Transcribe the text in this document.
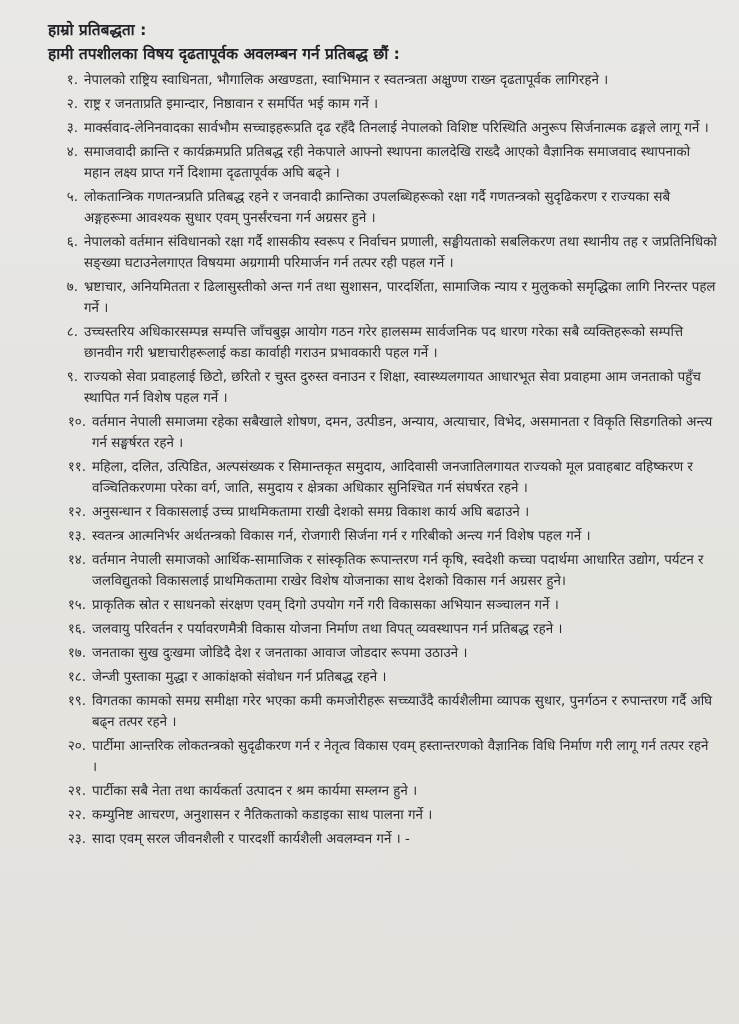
हाम्रो प्रतिबद्धता :
हामी तपशीलका विषय दृढतापूर्वक अवलम्बन गर्न प्रतिबद्ध छौं :
१. नेपालको राष्ट्रिय स्वाधिनता, भौगालिक अखण्डता, स्वाभिमान र स्वतन्त्रता अक्षुण्ण राख्न दृढतापूर्वक लागिरहने ।
२. राष्ट्र र जनताप्रति इमान्दार, निष्ठावान र समर्पित भई काम गर्ने ।
३. मार्क्सवाद-लेनिनवादका सार्वभौम सच्चाइहरूप्रति दृढ रहँदै तिनलाई नेपालको विशिष्ट परिस्थिति अनुरूप सिर्जनात्मक ढङ्गले लागू गर्ने ।
४. समाजवादी क्रान्ति र कार्यक्रमप्रति प्रतिबद्ध रही नेकपाले आफ्नो स्थापना कालदेखि राख्दै आएको वैज्ञानिक समाजवाद स्थापनाको महान लक्ष्य प्राप्त गर्ने दिशामा दृढतापूर्वक अघि बढ्ने ।
५. लोकतान्त्रिक गणतन्त्रप्रति प्रतिबद्ध रहने र जनवादी क्रान्तिका उपलब्धिहरूको रक्षा गर्दै गणतन्त्रको सुदृढिकरण र राज्यका सबै अङ्गहरूमा आवश्यक सुधार एवम् पुनर्संरचना गर्न अग्रसर हुने ।
६. नेपालको वर्तमान संविधानको रक्षा गर्दै शासकीय स्वरूप र निर्वाचन प्रणाली, सङ्घीयताको सबलिकरण तथा स्थानीय तह र जप्रतिनिधिको सङ्ख्या घटाउनेलगाएत विषयमा अग्रगामी परिमार्जन गर्न तत्पर रही पहल गर्ने ।
७. भ्रष्टाचार, अनियमितता र ढिलासुस्तीको अन्त गर्न तथा सुशासन, पारदर्शिता, सामाजिक न्याय र मुलुकको समृद्धिका लागि निरन्तर पहल गर्ने ।
८. उच्चस्तरिय अधिकारसम्पन्न सम्पत्ति जाँचबुझ आयोग गठन गरेर हालसम्म सार्वजनिक पद धारण गरेका सबै व्यक्तिहरूको सम्पत्ति छानवीन गरी भ्रष्टाचारीहरूलाई कडा कार्वाही गराउन प्रभावकारी पहल गर्ने ।
९. राज्यको सेवा प्रवाहलाई छिटो, छरितो र चुस्त दुरुस्त वनाउन र शिक्षा, स्वास्थ्यलगायत आधारभूत सेवा प्रवाहमा आम जनताको पहुँच स्थापित गर्न विशेष पहल गर्ने ।
१०. वर्तमान नेपाली समाजमा रहेका सबैखाले शोषण, दमन, उत्पीडन, अन्याय, अत्याचार, विभेद, असमानता र विकृति सिडगतिको अन्त्य गर्न सङ्घर्षरत रहने ।
११. महिला, दलित, उत्पिडित, अल्पसंख्यक र सिमान्तकृत समुदाय, आदिवासी जनजातिलगायत राज्यको मूल प्रवाहबाट वहिष्करण र वञ्चितिकरणमा परेका वर्ग, जाति, समुदाय र क्षेत्रका अधिकार सुनिश्चित गर्न संघर्षरत रहने ।
१२. अनुसन्धान र विकासलाई उच्च प्राथमिकतामा राखी देशको समग्र विकाश कार्य अघि बढाउने ।
१३. स्वतन्त्र आत्मनिर्भर अर्थतन्त्रको विकास गर्न, रोजगारी सिर्जना गर्न र गरिबीको अन्त्य गर्न विशेष पहल गर्ने ।
१४. वर्तमान नेपाली समाजको आर्थिक-सामाजिक र सांस्कृतिक रूपान्तरण गर्न कृषि, स्वदेशी कच्चा पदार्थमा आधारित उद्योग, पर्यटन र जलविद्युतको विकासलाई प्राथमिकतामा राखेर विशेष योजनाका साथ देशको विकास गर्न अग्रसर हुने।
१५. प्राकृतिक स्रोत र साधनको संरक्षण एवम् दिगो उपयोग गर्ने गरी विकासका अभियान सञ्चालन गर्ने ।
१६. जलवायु परिवर्तन र पर्यावरणमैत्री विकास योजना निर्माण तथा विपत् व्यवस्थापन गर्न प्रतिबद्ध रहने ।
१७. जनताका सुख दुःखमा जोडिदै देश र जनताका आवाज जोडदार रूपमा उठाउने ।
१८. जेन्जी पुस्ताका मुद्धा र आकांक्षको संवोधन गर्न प्रतिबद्ध रहने ।
१९. विगतका कामको समग्र समीक्षा गरेर भएका कमी कमजोरीहरू सच्च्याउँदै कार्यशैलीमा व्यापक सुधार, पुनर्गठन र रुपान्तरण गर्दै अघि बढ्न तत्पर रहने ।
२०. पार्टीमा आन्तरिक लोकतन्त्रको सुदृढीकरण गर्न र नेतृत्व विकास एवम् हस्तान्तरणको वैज्ञानिक विधि निर्माण गरी लागू गर्न तत्पर रहने ।
२१. पार्टीका सबै नेता तथा कार्यकर्ता उत्पादन र श्रम कार्यमा सम्लग्न हुने ।
२२. कम्युनिष्ट आचरण, अनुशासन र नैतिकताको कडाइका साथ पालना गर्ने ।
२३. सादा एवम् सरल जीवनशैली र पारदर्शी कार्यशैली अवलम्वन गर्ने । -
